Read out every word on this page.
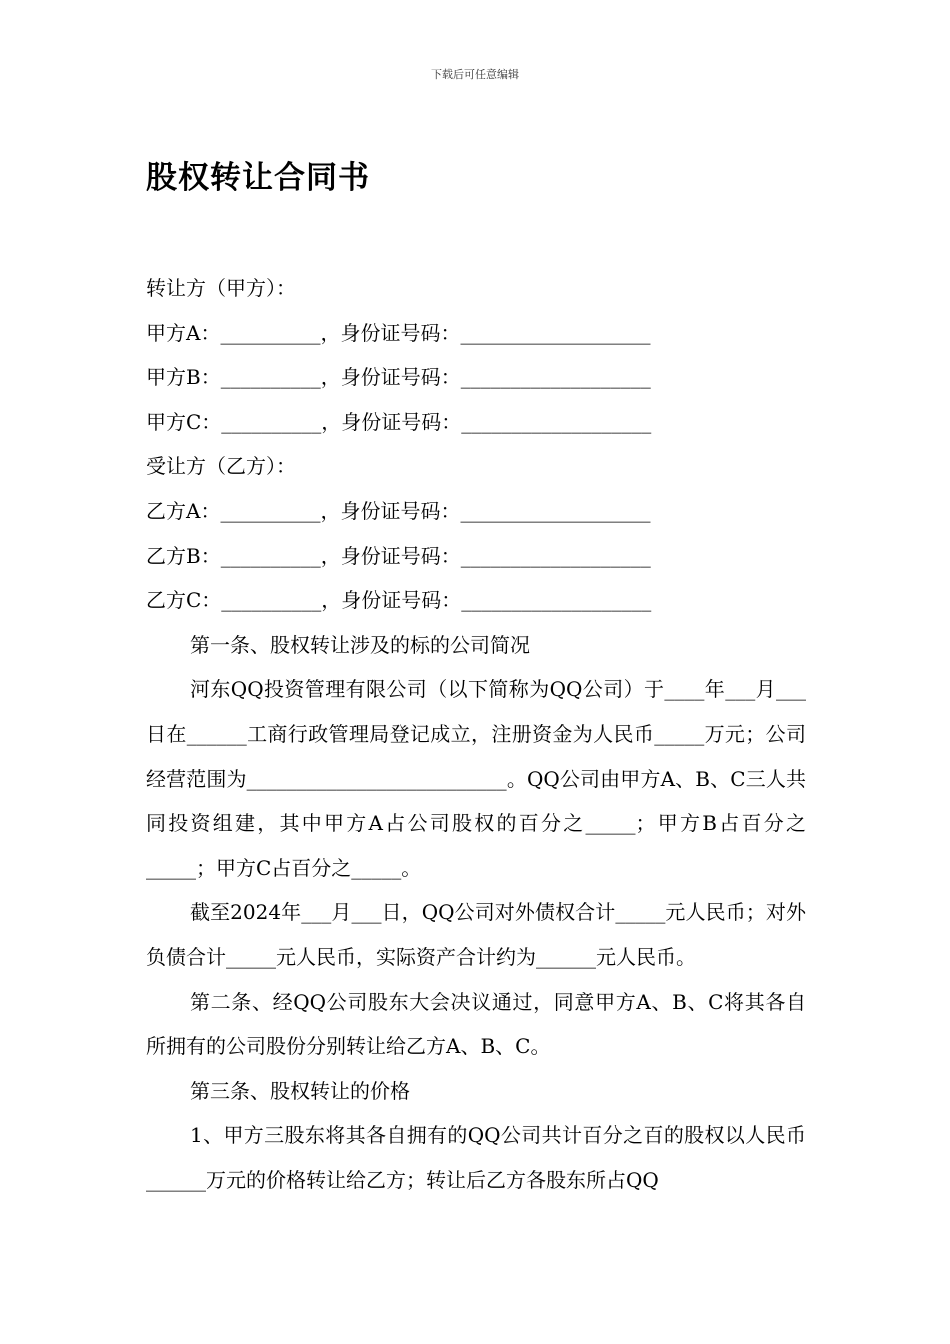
下载后可任意编辑
股权转让合同书
转让方（甲方）：
甲方A：__________，身份证号码：___________________
甲方B：__________，身份证号码：___________________
甲方C：__________，身份证号码：___________________
受让方（乙方）：
乙方A：__________，身份证号码：___________________
乙方B：__________，身份证号码：___________________
乙方C：__________，身份证号码：___________________

第一条、股权转让涉及的标的公司简况

河东QQ投资管理有限公司（以下简称为QQ公司）于____年___月___日在______工商行政管理局登记成立，注册资金为人民币_____万元；公司经营范围为__________________________。QQ公司由甲方A、B、C三人共同投资组建，其中甲方A占公司股权的百分之_____；甲方B占百分之_____；甲方C占百分之_____。

截至2024年___月___日，QQ公司对外债权合计_____元人民币；对外负债合计_____元人民币，实际资产合计约为______元人民币。

第二条、经QQ公司股东大会决议通过，同意甲方A、B、C将其各自所拥有的公司股份分别转让给乙方A、B、C。

第三条、股权转让的价格

1、甲方三股东将其各自拥有的QQ公司共计百分之百的股权以人民币______万元的价格转让给乙方；转让后乙方各股东所占QQ
